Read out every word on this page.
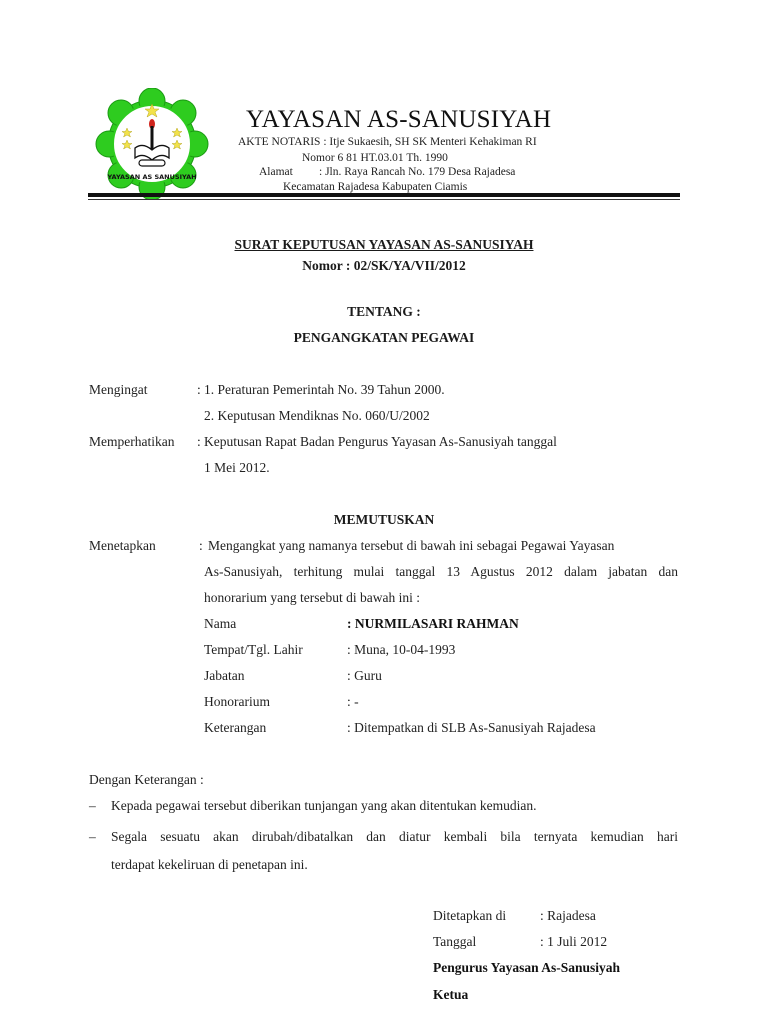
YAYASAN AS SANUSIYAH
YAYASAN AS-SANUSIYAH
AKTE NOTARIS : Itje Sukaesih, SH SK Menteri Kehakiman RI
Nomor 6 81 HT.03.01 Th. 1990
Alamat : Jln. Raya Rancah No. 179 Desa Rajadesa
Kecamatan Rajadesa Kabupaten Ciamis
SURAT KEPUTUSAN YAYASAN AS-SANUSIYAH
Nomor : 02/SK/YA/VII/2012
TENTANG :
PENGANGKATAN PEGAWAI
Mengingat	: 1. Peraturan Pemerintah No. 39 Tahun 2000.
2. Keputusan Mendiknas No. 060/U/2002
Memperhatikan : Keputusan Rapat Badan Pengurus Yayasan As-Sanusiyah tanggal
1 Mei 2012.
MEMUTUSKAN
Menetapkan	: Mengangkat yang namanya tersebut di bawah ini sebagai Pegawai Yayasan
As-Sanusiyah, terhitung mulai tanggal 13 Agustus 2012 dalam jabatan dan
honorarium yang tersebut di bawah ini :
Nama	: NURMILASARI RAHMAN
Tempat/Tgl. Lahir	: Muna, 10-04-1993
Jabatan	: Guru
Honorarium	: -
Keterangan	: Ditempatkan di SLB As-Sanusiyah Rajadesa
Dengan Keterangan :
– Kepada pegawai tersebut diberikan tunjangan yang akan ditentukan kemudian.
– Segala sesuatu akan dirubah/dibatalkan dan diatur kembali bila ternyata kemudian hari
terdapat kekeliruan di penetapan ini.
Ditetapkan di	: Rajadesa
Tanggal	: 1 Juli 2012
Pengurus Yayasan As-Sanusiyah
Ketua
